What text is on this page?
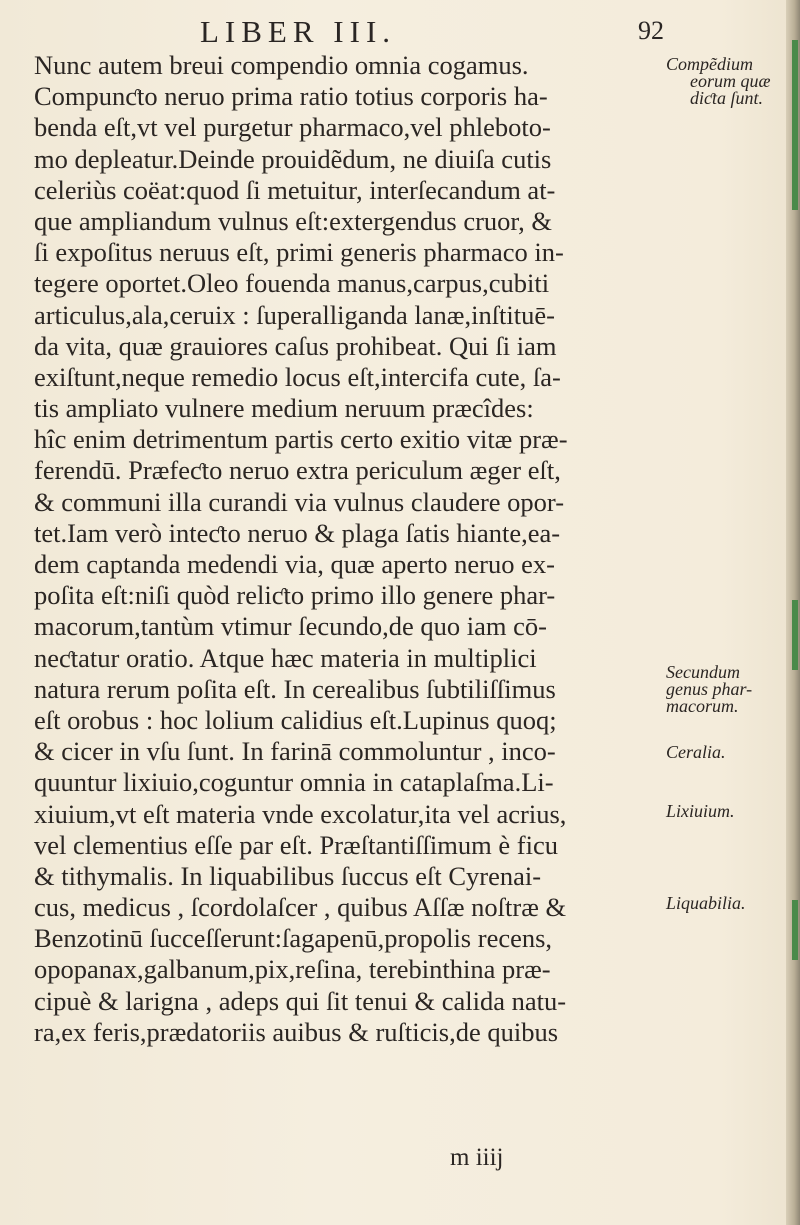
LIBER III.	92
Nunc autem breui compendio omnia cogamus.
Compunƈto neruo prima ratio totius corporis ha-
benda eſt,vt vel purgetur pharmaco,vel phleboto-
mo depleatur.Deinde prouidẽdum, ne diuiſa cutis
celeriùs coëat:quod ſi metuitur, interſecandum at-
que ampliandum vulnus eſt:extergendus cruor, &
ſi expoſitus neruus eſt, primi generis pharmaco in-
tegere oportet.Oleo fouenda manus,carpus,cubiti
articulus,ala,ceruix : ſuperalliganda lanæ,inſtituē-
da vita, quæ grauiores caſus prohibeat. Qui ſi iam
exiſtunt,neque remedio locus eſt,intercifa cute, ſa-
tis ampliato vulnere medium neruum præcîdes:
hîc enim detrimentum partis certo exitio vitæ præ-
ferendū. Præfeƈto neruo extra periculum æger eſt,
& communi illa curandi via vulnus claudere opor-
tet.Iam verò inteƈto neruo & plaga ſatis hiante,ea-
dem captanda medendi via, quæ aperto neruo ex-
poſita eſt:niſi quòd reliƈto primo illo genere phar-
macorum,tantùm vtimur ſecundo,de quo iam cō-
neƈtatur oratio. Atque hæc materia in multiplici
natura rerum poſita eſt. In cerealibus ſubtiliſſimus
eſt orobus : hoc lolium calidius eſt.Lupinus quoq;
& cicer in vſu ſunt. In farinā commoluntur , inco-
quuntur lixiuio,coguntur omnia in cataplaſma.Li-
xiuium,vt eſt materia vnde excolatur,ita vel acrius,
vel clementius eſſe par eſt. Præſtantiſſimum è ficu
& tithymalis. In liquabilibus ſuccus eſt Cyrenai-
cus, medicus , ſcordolaſcer , quibus Aſſæ noſtræ &
Benzotinū ſucceſſerunt:ſagapenū,propolis recens,
opopanax,galbanum,pix,reſina, terebinthina præ-
cipuè & larigna , adeps qui ſit tenui & calida natu-
ra,ex feris,prædatoriis auibus & ruſticis,de quibus
m iiij
Compẽdium
eorum quæ
diƈta ſunt.
Secundum
genus phar-
macorum.
Ceralia.
Lixiuium.
Liquabilia.
